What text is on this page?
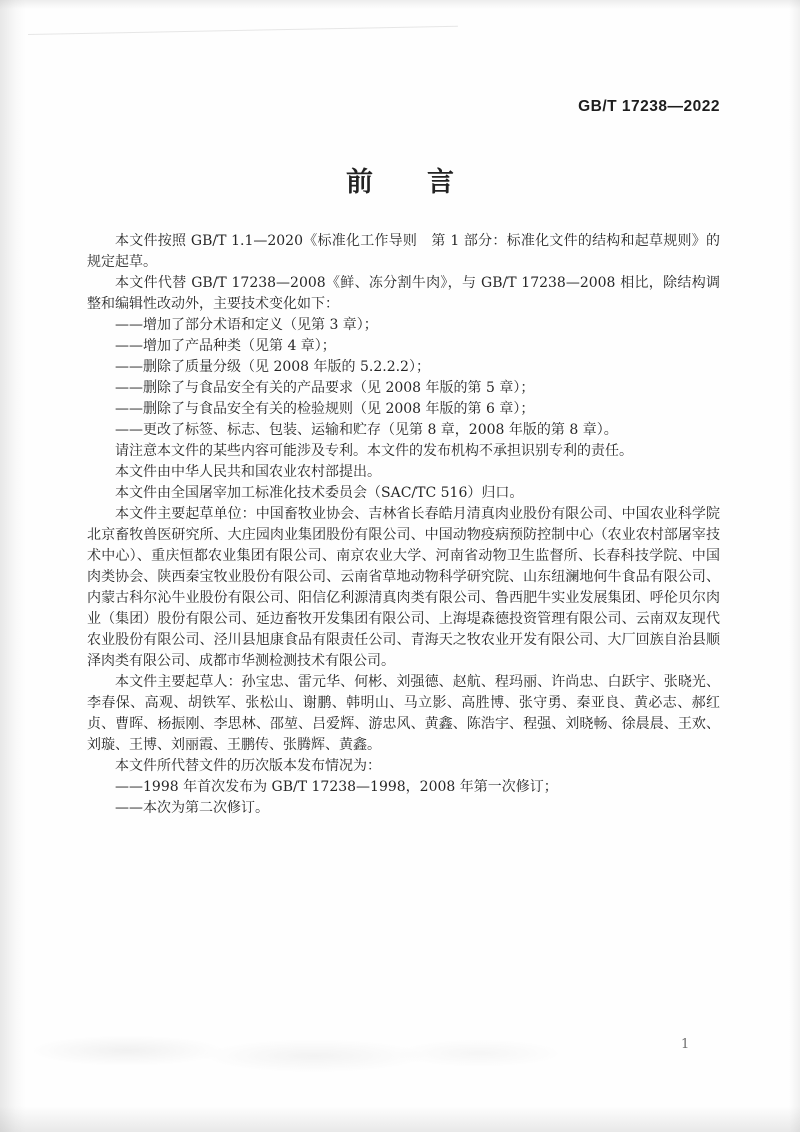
GB/T 17238—2022
前　　言

本文件按照 GB/T 1.1—2020《标准化工作导则　第 1 部分：标准化文件的结构和起草规则》的规定起草。

本文件代替 GB/T 17238—2008《鲜、冻分割牛肉》，与 GB/T 17238—2008 相比，除结构调整和编辑性改动外，主要技术变化如下：

——增加了部分术语和定义（见第 3 章）；

——增加了产品种类（见第 4 章）；

——删除了质量分级（见 2008 年版的 5.2.2.2）；

——删除了与食品安全有关的产品要求（见 2008 年版的第 5 章）；

——删除了与食品安全有关的检验规则（见 2008 年版的第 6 章）；

——更改了标签、标志、包装、运输和贮存（见第 8 章，2008 年版的第 8 章）。

请注意本文件的某些内容可能涉及专利。本文件的发布机构不承担识别专利的责任。

本文件由中华人民共和国农业农村部提出。

本文件由全国屠宰加工标准化技术委员会（SAC/TC 516）归口。

本文件主要起草单位：中国畜牧业协会、吉林省长春皓月清真肉业股份有限公司、中国农业科学院北京畜牧兽医研究所、大庄园肉业集团股份有限公司、中国动物疫病预防控制中心（农业农村部屠宰技术中心）、重庆恒都农业集团有限公司、南京农业大学、河南省动物卫生监督所、长春科技学院、中国肉类协会、陕西秦宝牧业股份有限公司、云南省草地动物科学研究院、山东纽澜地何牛食品有限公司、内蒙古科尔沁牛业股份有限公司、阳信亿利源清真肉类有限公司、鲁西肥牛实业发展集团、呼伦贝尔肉业（集团）股份有限公司、延边畜牧开发集团有限公司、上海堤森德投资管理有限公司、云南双友现代农业股份有限公司、泾川县旭康食品有限责任公司、青海天之牧农业开发有限公司、大厂回族自治县顺泽肉类有限公司、成都市华测检测技术有限公司。

本文件主要起草人：孙宝忠、雷元华、何彬、刘强德、赵航、程玛丽、许尚忠、白跃宇、张晓光、李春保、高观、胡铁军、张松山、谢鹏、韩明山、马立影、高胜博、张守勇、秦亚良、黄必志、郝红贞、曹晖、杨振刚、李思林、邵堃、吕爱辉、游忠风、黄鑫、陈浩宇、程强、刘晓畅、徐晨晨、王欢、刘璇、王博、刘丽霞、王鹏传、张腾辉、黄鑫。

本文件所代替文件的历次版本发布情况为：

——1998 年首次发布为 GB/T 17238—1998，2008 年第一次修订；

——本次为第二次修订。

1
